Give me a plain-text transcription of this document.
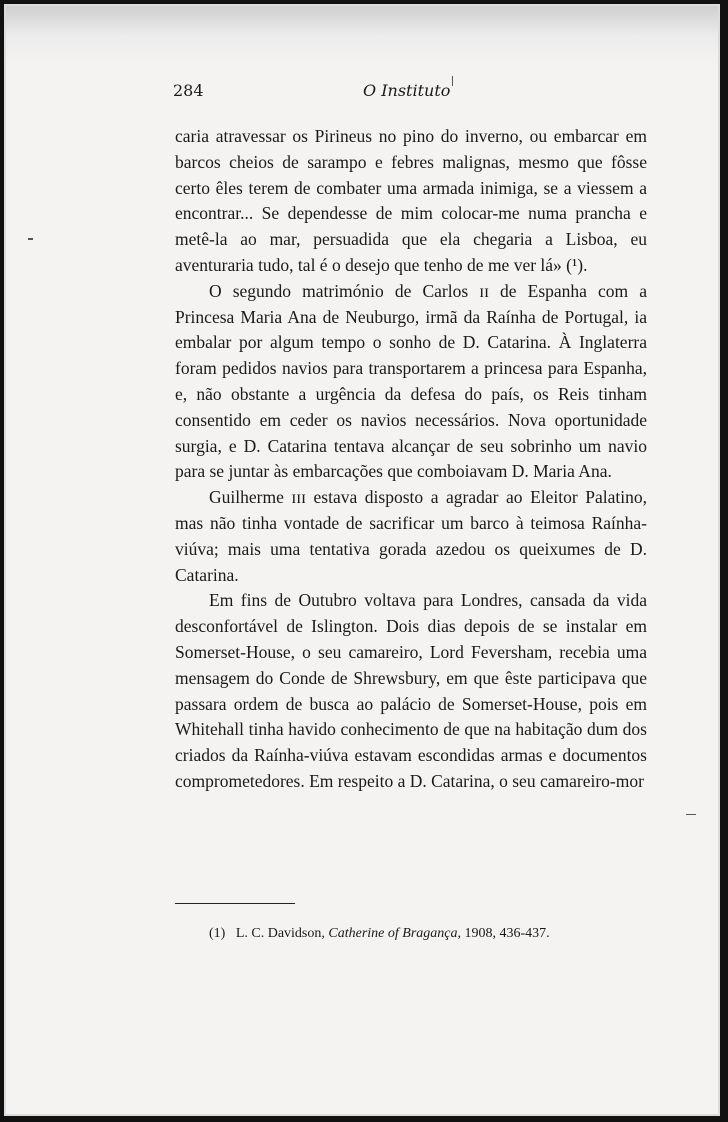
284	O Instituto

caria atravessar os Pirineus no pino do inverno, ou embarcar em barcos cheios de sarampo e febres malignas, mesmo que fôsse certo êles terem de combater uma armada inimiga, se a viessem a encontrar... Se dependesse de mim colocar-me numa prancha e metê-la ao mar, persuadida que ela chegaria a Lisboa, eu aventuraria tudo, tal é o desejo que tenho de me ver lá» (¹).

O segundo matrimónio de Carlos ɪɪ de Espanha com a Princesa Maria Ana de Neuburgo, irmã da Raínha de Portugal, ia embalar por algum tempo o sonho de D. Catarina. À Inglaterra foram pedidos navios para transportarem a princesa para Espanha, e, não obstante a urgência da defesa do país, os Reis tinham consentido em ceder os navios necessários. Nova oportunidade surgia, e D. Catarina tentava alcançar de seu sobrinho um navio para se juntar às embarcações que comboiavam D. Maria Ana.

Guilherme ɪɪɪ estava disposto a agradar ao Eleitor Palatino, mas não tinha vontade de sacrificar um barco à teimosa Raínha-viúva; mais uma tentativa gorada azedou os queixumes de D. Catarina.

Em fins de Outubro voltava para Londres, cansada da vida desconfortável de Islington. Dois dias depois de se instalar em Somerset-House, o seu camareiro, Lord Feversham, recebia uma mensagem do Conde de Shrewsbury, em que êste participava que passara ordem de busca ao palácio de Somerset-House, pois em Whitehall tinha havido conhecimento de que na habitação dum dos criados da Raínha-viúva estavam escondidas armas e documentos comprometedores. Em respeito a D. Catarina, o seu camareiro-mor

(1) L. C. Davidson, Catherine of Bragança, 1908, 436-437.
